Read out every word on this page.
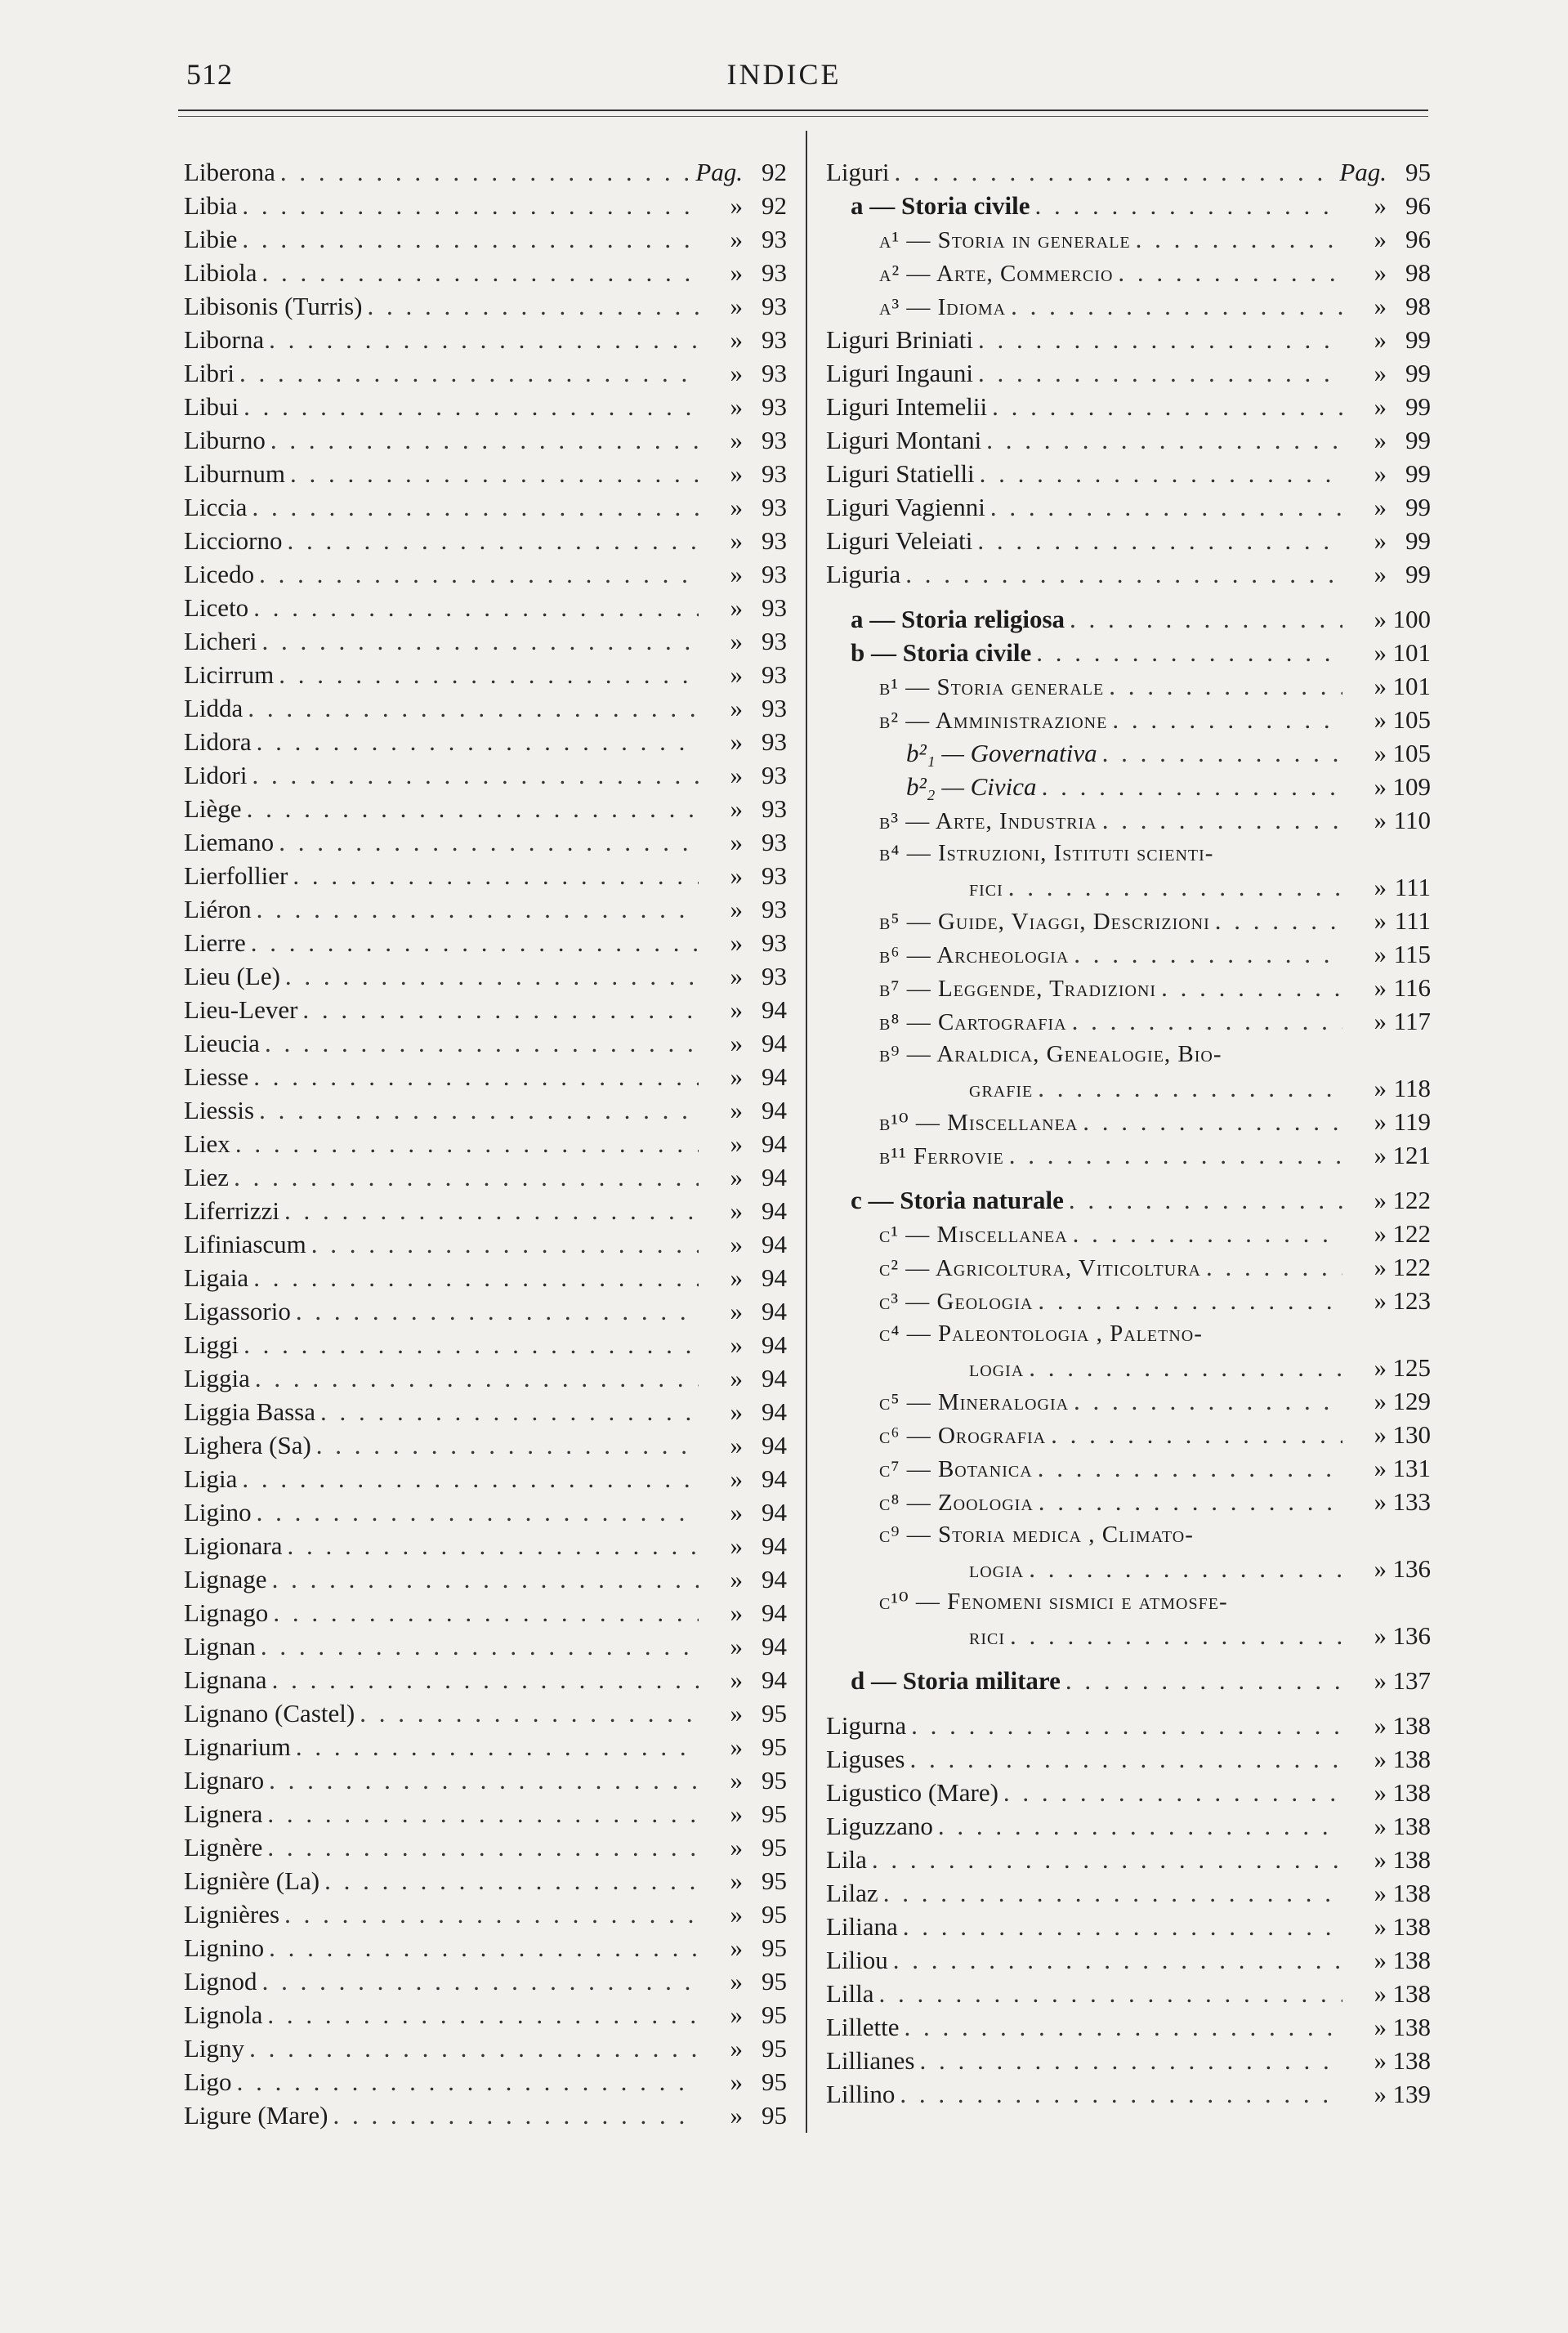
512	INDICE
Liberona . . .	Pag. 92
Libia . . .	» 92
Libie . . .	» 93
Libiola . . .	» 93
Libisonis (Turris) . . .	» 93
Liborna . . .	» 93
Libri . . .	» 93
Libui . . .	» 93
Liburno . . .	» 93
Liburnum . . .	» 93
Liccia . . .	» 93
Licciorno . . .	» 93
Licedo . . .	» 93
Liceto . . .	» 93
Licheri . . .	» 93
Licirrum . . .	» 93
Lidda . . .	» 93
Lidora . . .	» 93
Lidori . . .	» 93
Liège . . .	» 93
Liemano . . .	» 93
Lierfollier . . .	» 93
Liéron . . .	» 93
Lierre . . .	» 93
Lieu (Le) . . .	» 93
Lieu-Lever . . .	» 94
Lieucia . . .	» 94
Liesse . . .	» 94
Liessis . . .	» 94
Liex . . .	» 94
Liez . . .	» 94
Liferrizzi . . .	» 94
Lifiniascum . . .	» 94
Ligaia . . .	» 94
Ligassorio . . .	» 94
Liggi . . .	» 94
Liggia . . .	» 94
Liggia Bassa . . .	» 94
Lighera (Sa) . . .	» 94
Ligia . . .	» 94
Ligino . . .	» 94
Ligionara . . .	» 94
Lignage . . .	» 94
Lignago . . .	» 94
Lignan . . .	» 94
Lignana . . .	» 94
Lignano (Castel) . . .	» 95
Lignarium . . .	» 95
Lignaro . . .	» 95
Lignera . . .	» 95
Lignère . . .	» 95
Lignière (La) . . .	» 95
Lignières . . .	» 95
Lignino . . .	» 95
Lignod . . .	» 95
Lignola . . .	» 95
Ligny . . .	» 95
Ligo . . .	» 95
Ligure (Mare) . . .	» 95
Liguri . . .	Pag. 95
a — Storia civile . . .	» 96
a¹ — Storia in generale . . .	» 96
a² — Arte, Commercio . . .	» 98
a³ — Idioma . . .	» 98
Liguri Briniati . . .	» 99
Liguri Ingauni . . .	» 99
Liguri Intemelii . . .	» 99
Liguri Montani . . .	» 99
Liguri Statielli . . .	» 99
Liguri Vagienni . . .	» 99
Liguri Veleiati . . .	» 99
Liguria . . .	» 99
a — Storia religiosa . . .	» 100
b — Storia civile . . .	» 101
b¹ — Storia generale . . .	» 101
b² — Amministrazione . . .	» 105
b²₁ — Governativa . . .	» 105
b²₂ — Civica . . .	» 109
b³ — Arte, Industria . . .	» 110
b⁴ — Istruzioni, Istituti scienti-
fici . . .	» 111
b⁵ — Guide, Viaggi, Descrizioni . . .	» 111
b⁶ — Archeologia . . .	» 115
b⁷ — Leggende, Tradizioni . . .	» 116
b⁸ — Cartografia . . .	» 117
b⁹ — Araldica, Genealogie, Bio-
grafie . . .	» 118
b¹⁰ — Miscellanea . . .	» 119
b¹¹ Ferrovie . . .	» 121
c — Storia naturale . . .	» 122
c¹ — Miscellanea . . .	» 122
c² — Agricoltura, Viticoltura . . .	» 122
c³ — Geologia . . .	» 123
c⁴ — Paleontologia , Paletno-
logia . . .	» 125
c⁵ — Mineralogia . . .	» 129
c⁶ — Orografia . . .	» 130
c⁷ — Botanica . . .	» 131
c⁸ — Zoologia . . .	» 133
c⁹ — Storia medica , Climato-
logia . . .	» 136
c¹⁰ — Fenomeni sismici e atmosfe-
rici . . .	» 136
d — Storia militare . . .	» 137
Ligurna . . .	» 138
Liguses . . .	» 138
Ligustico (Mare) . . .	» 138
Liguzzano . . .	» 138
Lila . . .	» 138
Lilaz . . .	» 138
Liliana . . .	» 138
Liliou . . .	» 138
Lilla . . .	» 138
Lillette . . .	» 138
Lillianes . . .	» 138
Lillino . . .	» 139
